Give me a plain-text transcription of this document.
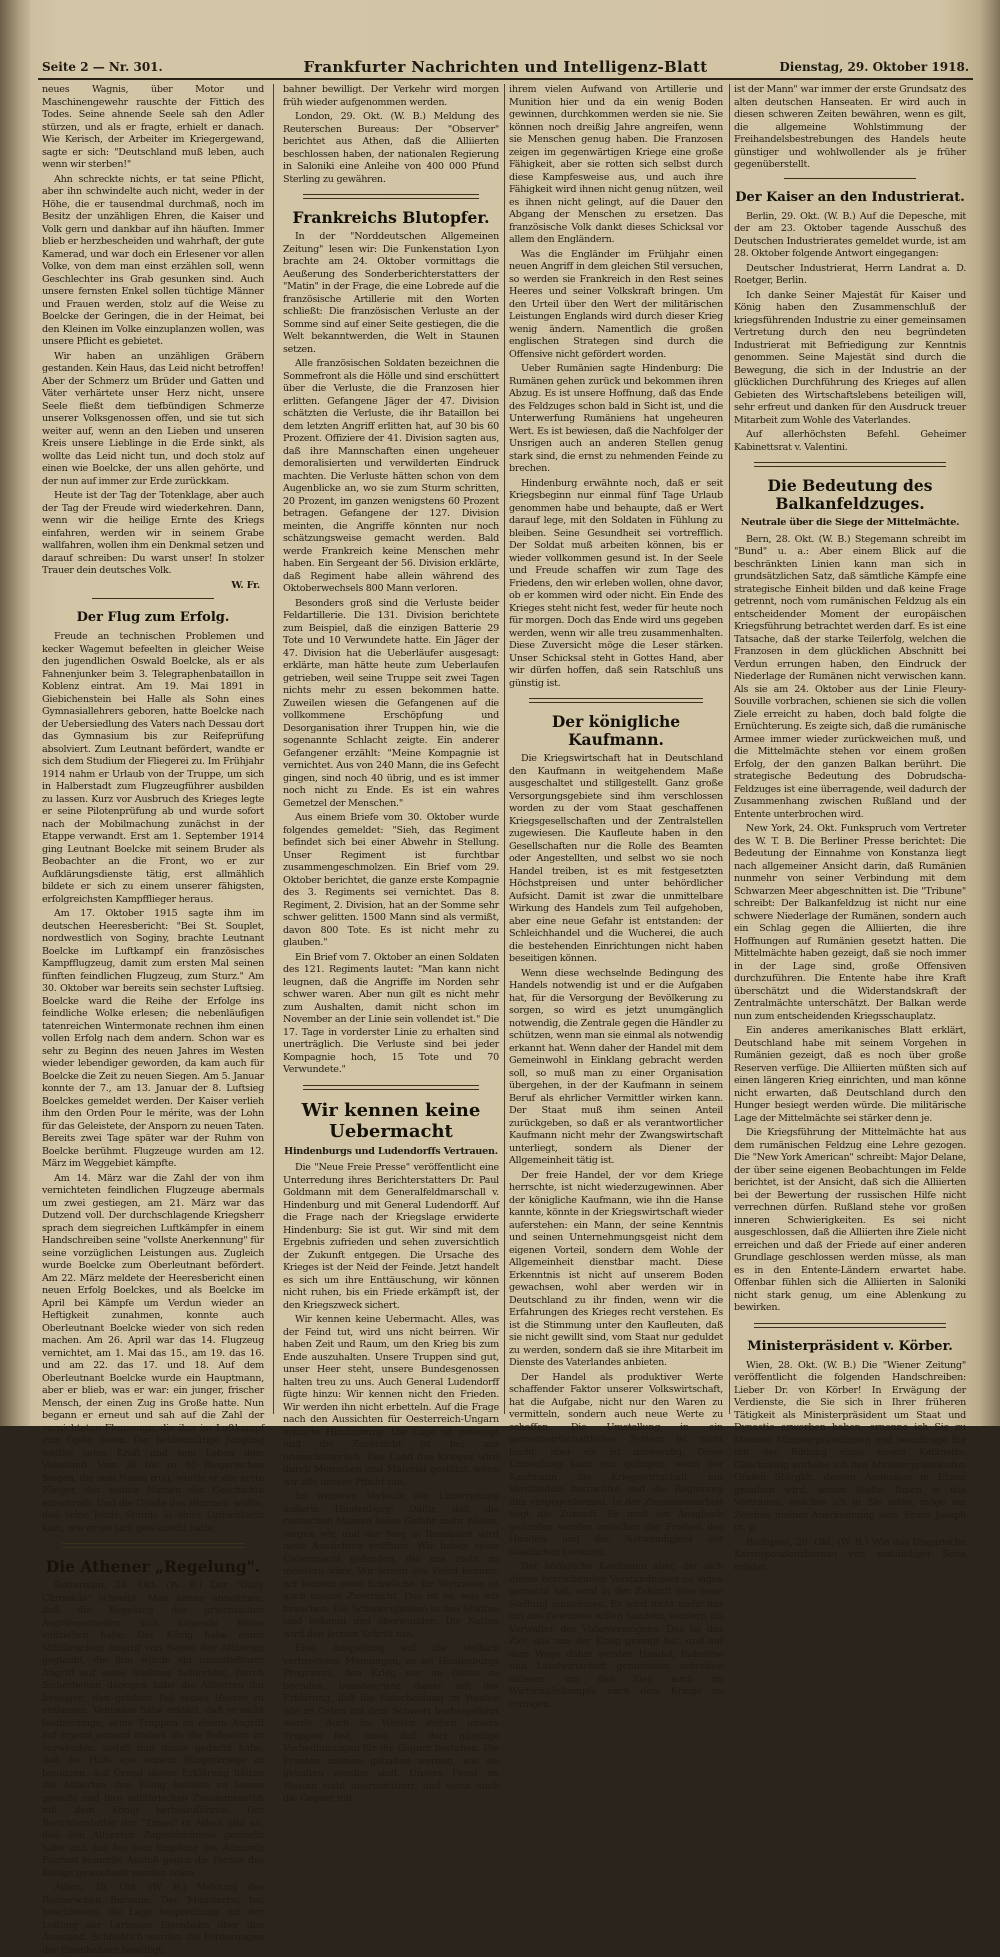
Seite 2 — Nr. 301.	Frankfurter Nachrichten und Intelligenz-Blatt	Dienstag, 29. Oktober 1918.

neues Wagnis, über Motor und Maschinengewehr rauschte der Fittich des Todes. Seine ahnende Seele sah den Adler stürzen, und als er fragte, erhielt er danach. Wie Kerisch, der Arbeiter im Kriegergewand, sagte er sich: "Deutschland muß leben, auch wenn wir sterben!"

Ahn schreckte nichts, er tat seine Pflicht, aber ihn schwindelte auch nicht, weder in der Höhe, die er tausendmal durchmaß, noch im Besitz der unzähligen Ehren, die Kaiser und Volk gern und dankbar auf ihn häuften. Immer blieb er herzbescheiden und wahrhaft, der gute Kamerad, und war doch ein Erlesener vor allen Volke, von dem man einst erzählen soll, wenn Geschlechter ins Grab gesunken sind. Auch unsere fernsten Enkel sollen tüchtige Männer und Frauen werden, stolz auf die Weise zu Boelcke der Geringen, die in der Heimat, bei den Kleinen im Volke einzuplanzen wollen, was unsere Pflicht es gebietet.

Wir haben an unzähligen Gräbern gestanden. Kein Haus, das Leid nicht betroffen! Aber der Schmerz um Brüder und Gatten und Väter verhärtete unser Herz nicht, unsere Seele fließt dem tiefbündigen Schmerze unserer Volksgenossen offen, und sie tut sich weiter auf, wenn an den Lieben und unseren Kreis unsere Lieblinge in die Erde sinkt, als wollte das Leid nicht tun, und doch stolz auf einen wie Boelcke, der uns allen gehörte, und der nun auf immer zur Erde zurückkam.

Heute ist der Tag der Totenklage, aber auch der Tag der Freude wird wiederkehren. Dann, wenn wir die heilige Ernte des Kriegs einfahren, werden wir in seinem Grabe wallfahren, wollen ihm ein Denkmal setzen und darauf schreiben: Du warst unser! In stolzer Trauer dein deutsches Volk.

W. Fr.
Der Flug zum Erfolg.

Freude an technischen Problemen und kecker Wagemut befeelten in gleicher Weise den jugendlichen Oswald Boelcke, als er als Fahnenjunker beim 3. Telegraphenbataillon in Koblenz eintrat. Am 19. Mai 1891 in Giebichenstein bei Halle als Sohn eines Gymnasiallehrers geboren, hatte Boelcke nach der Uebersiedlung des Vaters nach Dessau dort das Gymnasium bis zur Reifeprüfung absolviert. Zum Leutnant befördert, wandte er sich dem Studium der Fliegerei zu. Im Frühjahr 1914 nahm er Urlaub von der Truppe, um sich in Halberstadt zum Flugzeugführer ausbilden zu lassen. Kurz vor Ausbruch des Krieges legte er seine Pilotenprüfung ab und wurde sofort nach der Mobilmachung zunächst in der Etappe verwandt. Erst am 1. September 1914 ging Leutnant Boelcke mit seinem Bruder als Beobachter an die Front, wo er zur Aufklärungsdienste tätig, erst allmählich bildete er sich zu einem unserer fähigsten, erfolgreichsten Kampfflieger heraus.

Am 17. Oktober 1915 sagte ihm im deutschen Heeresbericht: "Bei St. Souplet, nordwestlich von Soginy, brachte Leutnant Boelcke im Luftkampf ein französisches Kampfflugzeug, damit zum ersten Mal seinen fünften feindlichen Flugzeug, zum Sturz." Am 30. Oktober war bereits sein sechster Luftsieg. Boelcke ward die Reihe der Erfolge ins feindliche Wolke erlesen; die nebenläufigen tatenreichen Wintermonate rechnen ihm einen vollen Erfolg nach dem andern. Schon war es sehr zu Beginn des neuen Jahres im Westen wieder lebendiger geworden, da kam auch für Boelcke die Zeit zu neuen Siegen. Am 5. Januar konnte der 7., am 13. Januar der 8. Luftsieg Boelckes gemeldet werden. Der Kaiser verlieh ihm den Orden Pour le mérite, was der Lohn für das Geleistete, der Ansporn zu neuen Taten. Bereits zwei Tage später war der Ruhm von Boelcke berühmt. Flugzeuge wurden am 12. März im Weggebiet kämpfte.

Am 14. März war die Zahl der von ihm vernichteten feindlichen Flugzeuge abermals um zwei gestiegen, am 21. März war das Dutzend voll. Der durchschlagende Kriegsherr sprach dem siegreichen Luftkämpfer in einem Handschreiben seine "vollste Anerkennung" für seine vorzüglichen Leistungen aus. Zugleich wurde Boelcke zum Oberleutnant befördert. Am 22. März meldete der Heeresbericht einen neuen Erfolg Boelckes, und als Boelcke im April bei Kämpfe um Verdun wieder an Heftigkeit zunahmen, konnte auch Oberleutnant Boelcke wieder von sich reden machen. Am 26. April war das 14. Flugzeug vernichtet, am 1. Mai das 15., am 19. das 16. und am 22. das 17. und 18. Auf dem Oberleutnant Boelcke wurde ein Hauptmann, aber er blieb, was er war: ein junger, frischer Mensch, der einen Zug ins Große hatte. Nun begann er erneut und sah auf die Zahl der vernichteten Flugzeuge, die ihm im Luftkampf zum Opfer fielen. Der heldenmütige Jüngling weihte seine Kraft und sein Leben dem Vaterland. Vom 20 bis zu 40 fliegerischen Siegen, die sein Name trug, wurde er der erste Flieger, der seinen Namen der Geschichte einschrieb. Und die Gnade des Himmels wollte, daß seine letzte Stunde in einer Luftschlacht kam, wie er sie sich gewünscht hatte.

Die Athener „Regelung".

Rotterdam, 28. Okt. (W. B.) Der "Daily Chronicle" schreibt: Man könne annehmen, daß die Regelung der griechischen Angelegenheiten sich folgende Weise vollziehen habe: Der König habe einen Militärischen Angriff von Seiten der Alliierten geglaubt, die ihm wurde ein unmittelbarer Angriff auf seine Stellung befürchtet. Durch Sicherheiten dagegen habe die Alliierten ihn bewogen, den größten Teil seines Heeres zu entlassen. Venizelos habe erklärt, daß er nicht beabsichtige, seine Truppen zu einem Angriff auf irgend jemand anders als die Bulgaren zu verwenden, sodaß nun daran gedacht habe, daß die Hilfe von seinem Bürgerkriege zu benützen. Auf Grund dieser Erklärung hätten die Alliierten den König beiseite zu lassen gewußt und ihre militärischen Zusammenstoß mit dem König herbeizuführen. Der Berichterstatter der "Times" in Athen gibt an, daß den Alliierten Zugeständnisse gemacht habe und daß bei dem Empfang des Admirals Fournet keinerlei Anstoß gegen die Person des Königs gewechselt worden seien.

Athen, 28. Okt. (W. B.) Meldung des Reuterschen Bureaus: Der Ministerrat hat beschlossen, die Lage besprechung mit der Leitung der Larissaer Eisenbahn über den Ausstand. Schließlich wurden die Forderungen der Eisenbahner bewilligt.

bahner bewilligt. Der Verkehr wird morgen früh wieder aufgenommen werden.

London, 29. Okt. (W. B.) Meldung des Reuterschen Bureaus: Der "Observer" berichtet aus Athen, daß die Alliierten beschlossen haben, der nationalen Regierung in Saloniki eine Anleihe von 400 000 Pfund Sterling zu gewähren.

Frankreichs Blutopfer.

In der "Norddeutschen Allgemeinen Zeitung" lesen wir: Die Funkenstation Lyon brachte am 24. Oktober vormittags die Aeußerung des Sonderberichterstatters der "Matin" in der Frage, die eine Lobrede auf die französische Artillerie mit den Worten schließt: Die französischen Verluste an der Somme sind auf einer Seite gestiegen, die die Welt bekanntwerden, die Welt in Staunen setzen.

Alle französischen Soldaten bezeichnen die Sommefront als die Hölle und sind erschüttert über die Verluste, die die Franzosen hier erlitten. Gefangene Jäger der 47. Division schätzten die Verluste, die ihr Bataillon bei dem letzten Angriff erlitten hat, auf 30 bis 60 Prozent. Offiziere der 41. Division sagten aus, daß ihre Mannschaften einen ungeheuer demoralisierten und verwilderten Eindruck machten. Die Verluste hätten schon von dem Augenblicke an, wo sie zum Sturm schritten, 20 Prozent, im ganzen wenigstens 60 Prozent betragen. Gefangene der 127. Division meinten, die Angriffe könnten nur noch schätzungsweise gemacht werden. Bald werde Frankreich keine Menschen mehr haben. Ein Sergeant der 56. Division erklärte, daß Regiment habe allein während des Oktoberwechsels 800 Mann verloren.

Besonders groß sind die Verluste beider Feldartillerie. Die 131. Division berichtete zum Beispiel, daß die einzigen Batterie 29 Tote und 10 Verwundete hatte. Ein Jäger der 47. Division hat die Ueberläufer ausgesagt: erklärte, man hätte heute zum Ueberlaufen getrieben, weil seine Truppe seit zwei Tagen nichts mehr zu essen bekommen hatte. Zuweilen wiesen die Gefangenen auf die vollkommene Erschöpfung und Desorganisation ihrer Truppen hin, wie die sogenannte Schlacht zeigte. Ein anderer Gefangener erzählt: "Meine Kompagnie ist vernichtet. Aus von 240 Mann, die ins Gefecht gingen, sind noch 40 übrig, und es ist immer noch nicht zu Ende. Es ist ein wahres Gemetzel der Menschen."

Aus einem Briefe vom 30. Oktober wurde folgendes gemeldet: "Sieh, das Regiment befindet sich bei einer Abwehr in Stellung. Unser Regiment ist furchtbar zusammengeschmolzen. Ein Brief vom 29. Oktober berichtet, die ganze erste Kompagnie des 3. Regiments sei vernichtet. Das 8. Regiment, 2. Division, hat an der Somme sehr schwer gelitten. 1500 Mann sind als vermißt, davon 800 Tote. Es ist nicht mehr zu glauben."

Ein Brief vom 7. Oktober an einen Soldaten des 121. Regiments lautet: "Man kann nicht leugnen, daß die Angriffe im Norden sehr schwer waren. Aber nun gilt es nicht mehr zum Aushalten, damit nicht schon im November an der Linie sein vollendet ist." Die 17. Tage in vorderster Linie zu erhalten sind unerträglich. Die Verluste sind bei jeder Kompagnie hoch, 15 Tote und 70 Verwundete."

Wir kennen keine Uebermacht
Hindenburgs und Ludendorffs Vertrauen.

Die "Neue Freie Presse" veröffentlicht eine Unterredung ihres Berichterstatters Dr. Paul Goldmann mit dem Generalfeldmarschall v. Hindenburg und mit General Ludendorff. Auf die Frage nach der Kriegslage erwiderte Hindenburg: Sie ist gut. Wir sind mit dem Ergebnis zufrieden und sehen zuversichtlich der Zukunft entgegen. Die Ursache des Krieges ist der Neid der Feinde. Jetzt handelt es sich um ihre Enttäuschung, wir können nicht ruhen, bis ein Friede erkämpft ist, der den Kriegszweck sichert.

Wir kennen keine Uebermacht. Alles, was der Feind tut, wird uns nicht beirren. Wir haben Zeit und Raum, um den Krieg bis zum Ende auszuhalten. Unsere Truppen sind gut, unser Heer steht, unsere Bundesgenossen halten treu zu uns. Auch General Ludendorff fügte hinzu: Wir kennen nicht den Frieden. Wir werden ihn nicht erbetteln. Auf die Frage nach den Aussichten für Oesterreich-Ungarn erklärte Hindenburg: Die Lage ist gefestigt und die Zuversicht ist bei uns unerschütterlich. Das Land des Krieges wird durch Menschen und Material gestützt, wenn wir alle unsere Pflicht tun.

Im weiteren Verlaufe der Unterredung äußerte Hindenburg: Dafür, daß die russischen Massen keine Gefahr mehr bilden, sorgen wir, und der Sieg in Rumänien wird neue Aussichten eröffnen. Wir haben seine Uebermacht gefunden, die uns nicht zu meistern wäre. Wir lernen den Feind kennen, wir kennen seine Schwäche. Ihr Vertrauen ist auch unsere Zuversicht. Das ist es, was wir brauchen. Die Schwierigkeiten in den Städten sind bekannt und überwunden. Die Nation wird den letzten Schritt tun.

Eine Anspielung auf die vielfach verbreiteten Meinungen, es sei Hindenburgs Programm, den Krieg nur im Osten zu beenden, beantwortete dieser mit der Erklärung, daß die Entscheidung im Westen wie im Osten mit dem Schwert herbeigeführt werde. Auch im Westen stehen unsere Truppen fest, ohne daß dort günstige Vorbedingungen für die Gegner bestehen. Die Fronten müssen gehalten werden, wie sie gehalten worden sind. Unsere Front im Westen steht unerschüttert, und wenn auch die Gegner mit

ihrem vielen Aufwand von Artillerie und Munition hier und da ein wenig Boden gewinnen, durchkommen werden sie nie. Sie können noch dreißig Jahre angreifen, wenn sie Menschen genug haben. Die Franzosen zeigen im gegenwärtigen Kriege eine große Fähigkeit, aber sie rotten sich selbst durch diese Kampfesweise aus, und auch ihre Fähigkeit wird ihnen nicht genug nützen, weil es ihnen nicht gelingt, auf die Dauer den Abgang der Menschen zu ersetzen. Das französische Volk dankt dieses Schicksal vor allem den Engländern.

Was die Engländer im Frühjahr einen neuen Angriff in dem gleichen Stil versuchen, so werden sie Frankreich in den Rest seines Heeres und seiner Volkskraft bringen. Um den Urteil über den Wert der militärischen Leistungen Englands wird durch dieser Krieg wenig ändern. Namentlich die großen englischen Strategen sind durch die Offensive nicht gefördert worden.

Ueber Rumänien sagte Hindenburg: Die Rumänen gehen zurück und bekommen ihren Abzug. Es ist unsere Hoffnung, daß das Ende des Feldzuges schon bald in Sicht ist, und die Unterwerfung Rumäniens hat ungeheuren Wert. Es ist bewiesen, daß die Nachfolger der Unsrigen auch an anderen Stellen genug stark sind, die ernst zu nehmenden Feinde zu brechen.

Hindenburg erwähnte noch, daß er seit Kriegsbeginn nur einmal fünf Tage Urlaub genommen habe und behaupte, daß er Wert darauf lege, mit den Soldaten in Fühlung zu bleiben. Seine Gesundheit sei vortrefflich. Der Soldat muß arbeiten können, bis er wieder vollkommen gesund ist. In der Seele und Freude schaffen wir zum Tage des Friedens, den wir erleben wollen, ohne davor, ob er kommen wird oder nicht. Ein Ende des Krieges steht nicht fest, weder für heute noch für morgen. Doch das Ende wird uns gegeben werden, wenn wir alle treu zusammenhalten. Diese Zuversicht möge die Leser stärken. Unser Schicksal steht in Gottes Hand, aber wir dürfen hoffen, daß sein Ratschluß uns günstig ist.

Der königliche Kaufmann.

Die Kriegswirtschaft hat in Deutschland den Kaufmann in weitgehendem Maße ausgeschaltet und stillgestellt. Ganz große Versorgungsgebiete sind ihm verschlossen worden zu der vom Staat geschaffenen Kriegsgesellschaften und der Zentralstellen zugewiesen. Die Kaufleute haben in den Gesellschaften nur die Rolle des Beamten oder Angestellten, und selbst wo sie noch Handel treiben, ist es mit festgesetzten Höchstpreisen und unter behördlicher Aufsicht. Damit ist zwar die unmittelbare Wirkung des Handels zum Teil aufgehoben, aber eine neue Gefahr ist entstanden: der Schleichhandel und die Wucherei, die auch die bestehenden Einrichtungen nicht haben beseitigen können.

Wenn diese wechselnde Bedingung des Handels notwendig ist und er die Aufgaben hat, für die Versorgung der Bevölkerung zu sorgen, so wird es jetzt unumgänglich notwendig, die Zentrale gegen die Händler zu schützen, wenn man sie einmal als notwendig erkannt hat. Wenn daher der Handel mit dem Gemeinwohl in Einklang gebracht werden soll, so muß man zu einer Organisation übergehen, in der der Kaufmann in seinem Beruf als ehrlicher Vermittler wirken kann. Der Staat muß ihm seinen Anteil zurückgeben, so daß er als verantwortlicher Kaufmann nicht mehr der Zwangswirtschaft unterliegt, sondern als Diener der Allgemeinheit tätig ist.

Der freie Handel, der vor dem Kriege herrschte, ist nicht wiederzugewinnen. Aber der königliche Kaufmann, wie ihn die Hanse kannte, könnte in der Kriegswirtschaft wieder auferstehen: ein Mann, der seine Kenntnis und seinen Unternehmungsgeist nicht dem eigenen Vorteil, sondern dem Wohle der Allgemeinheit dienstbar macht. Diese Erkenntnis ist nicht auf unserem Boden gewachsen, wohl aber werden wir in Deutschland zu ihr finden, wenn wir die Erfahrungen des Krieges recht verstehen. Es ist die Stimmung unter den Kaufleuten, daß sie nicht gewillt sind, vom Staat nur geduldet zu werden, sondern daß sie ihre Mitarbeit im Dienste des Vaterlandes anbieten.

Der Handel als produktiver Werte schaffender Faktor unserer Volkswirtschaft, hat die Aufgabe, nicht nur den Waren zu vermitteln, sondern auch neue Werte zu schaffen. Die Umstellung in ein gemeinwirtschaftliches System ist nicht leicht, aber sie ist notwendig. Diese Umstellung kann nur gelingen, wenn der Kaufmann die Kriegswirtschaft mit Verständnis betrachtet und die Regierung ihm entgegenkommt. In der Zusammenarbeit liegt die Zukunft. Es muß ein Ausgleich gefunden werden zwischen der Freiheit des Handels und der Notwendigkeit der staatlichen Lenkung.

Der königliche Kaufmann aber, der sich dieses herrschenden Verständnisses zu eigen gemacht hat, wird in der Zukunft eine neue Stellung einnehmen. Er wird nicht mehr nur um des Gewinnes willen handeln, sondern als Verwalter des Volksvermögens. Das ist das Ziel, das uns der Krieg gezeigt hat, und auf dem Wege dahin werden Handel, Industrie und Landwirtschaft gemeinsam schreiten müssen, um den Sieg auch im Wirtschaftskampfe nach dem Kriege zu erringen.

ist der Mann" war immer der erste Grundsatz des alten deutschen Hanseaten. Er wird auch in diesen schweren Zeiten bewähren, wenn es gilt, die allgemeine Wohlstimmung der Freihandelsbestrebungen des Handels heute günstiger und wohlwollender als je früher gegenüberstellt.

Der Kaiser an den Industrierat.

Berlin, 29. Okt. (W. B.) Auf die Depesche, mit der am 23. Oktober tagende Ausschuß des Deutschen Industrierates gemeldet wurde, ist am 28. Oktober folgende Antwort eingegangen:

Deutscher Industrierat, Herrn Landrat a. D. Roetger, Berlin.

Ich danke Seiner Majestät für Kaiser und König haben den Zusammenschluß der kriegsführenden Industrie zu einer gemeinsamen Vertretung durch den neu begründeten Industrierat mit Befriedigung zur Kenntnis genommen. Seine Majestät sind durch die Bewegung, die sich in der Industrie an der glücklichen Durchführung des Krieges auf allen Gebieten des Wirtschaftslebens beteiligen will, sehr erfreut und danken für den Ausdruck treuer Mitarbeit zum Wohle des Vaterlandes.

Auf allerhöchsten Befehl. Geheimer Kabinettsrat v. Valentini.

Die Bedeutung des Balkanfeldzuges.
Neutrale über die Siege der Mittelmächte.

Bern, 28. Okt. (W. B.) Stegemann schreibt im "Bund" u. a.: Aber einem Blick auf die beschränkten Linien kann man sich in grundsätzlichen Satz, daß sämtliche Kämpfe eine strategische Einheit bilden und daß keine Frage getrennt, noch vom rumänischen Feldzug als ein entscheidender Moment der europäischen Kriegsführung betrachtet werden darf. Es ist eine Tatsache, daß der starke Teilerfolg, welchen die Franzosen in dem glücklichen Abschnitt bei Verdun errungen haben, den Eindruck der Niederlage der Rumänen nicht verwischen kann. Als sie am 24. Oktober aus der Linie Fleury-Souville vorbrachen, schienen sie sich die vollen Ziele erreicht zu haben, doch bald folgte die Ernüchterung. Es zeigte sich, daß die rumänische Armee immer wieder zurückweichen muß, und die Mittelmächte stehen vor einem großen Erfolg, der den ganzen Balkan berührt. Die strategische Bedeutung des Dobrudscha-Feldzuges ist eine überragende, weil dadurch der Zusammenhang zwischen Rußland und der Entente unterbrochen wird.

New York, 24. Okt. Funkspruch vom Vertreter des W. T. B. Die Berliner Presse berichtet: Die Bedeutung der Einnahme von Konstanza liegt nach allgemeiner Ansicht darin, daß Rumänien nunmehr von seiner Verbindung mit dem Schwarzen Meer abgeschnitten ist. Die "Tribune" schreibt: Der Balkanfeldzug ist nicht nur eine schwere Niederlage der Rumänen, sondern auch ein Schlag gegen die Alliierten, die ihre Hoffnungen auf Rumänien gesetzt hatten. Die Mittelmächte haben gezeigt, daß sie noch immer in der Lage sind, große Offensiven durchzuführen. Die Entente habe ihre Kraft überschätzt und die Widerstandskraft der Zentralmächte unterschätzt. Der Balkan werde nun zum entscheidenden Kriegsschauplatz.

Ein anderes amerikanisches Blatt erklärt, Deutschland habe mit seinem Vorgehen in Rumänien gezeigt, daß es noch über große Reserven verfüge. Die Alliierten müßten sich auf einen längeren Krieg einrichten, und man könne nicht erwarten, daß Deutschland durch den Hunger besiegt werden würde. Die militärische Lage der Mittelmächte sei stärker denn je.

Die Kriegsführung der Mittelmächte hat aus dem rumänischen Feldzug eine Lehre gezogen. Die "New York American" schreibt: Major Delane, der über seine eigenen Beobachtungen im Felde berichtet, ist der Ansicht, daß sich die Alliierten bei der Bewertung der russischen Hilfe nicht verrechnen dürfen. Rußland stehe vor großen inneren Schwierigkeiten. Es sei nicht ausgeschlossen, daß die Alliierten ihre Ziele nicht erreichen und daß der Friede auf einer anderen Grundlage geschlossen werden müsse, als man es in den Entente-Ländern erwartet habe. Offenbar fühlen sich die Alliierten in Saloniki nicht stark genug, um eine Ablenkung zu bewirken.

Ministerpräsident v. Körber.

Wien, 28. Okt. (W. B.) Die "Wiener Zeitung" veröffentlicht die folgenden Handschreiben: Lieber Dr. von Körber! In Erwägung der Verdienste, die Sie sich in Ihrer früheren Tätigkeit als Ministerpräsident um Staat und Dynastie erworben haben, ernenne ich Sie zu Meinem Ministerpräsidenten und beauftrage Sie mit der Bildung eines neuen Kabinetts. Gleichzeitig enthebe ich den Ministerpräsidenten Grafen Stürgkh, dessen Andenken in Ehren gehalten wird, seiner Stelle. Ihnen in das Vertrauen, welches ich in Sie setze, möge ein Zeichen meiner Anerkennung sein. Franz Joseph m. p.

Budapest, 29. Okt. (W. B.) Wie das Ungarische Korrespondenzbureau von zuständiger Seite erfährt
